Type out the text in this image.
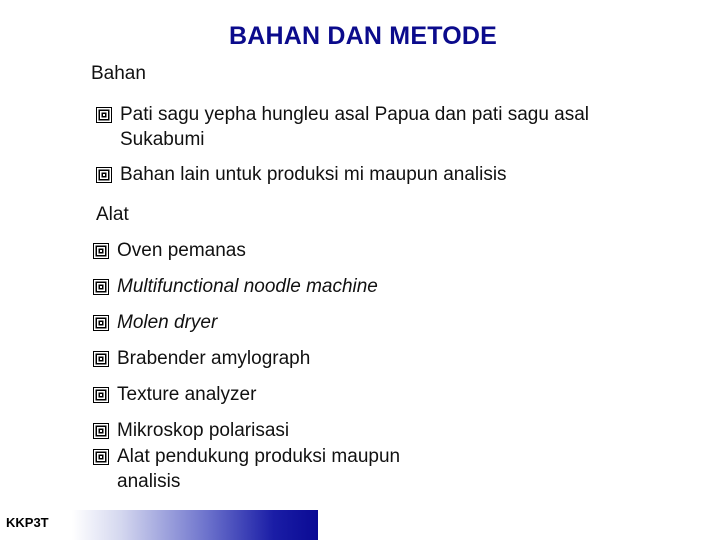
BAHAN DAN METODE
Bahan
Pati sagu yepha hungleu asal Papua dan pati sagu asal Sukabumi
Bahan lain untuk produksi mi maupun analisis
Alat
Oven pemanas
Multifunctional noodle machine
Molen dryer
Brabender amylograph
Texture analyzer
Mikroskop polarisasi
Alat pendukung produksi maupun analisis
KKP3T
